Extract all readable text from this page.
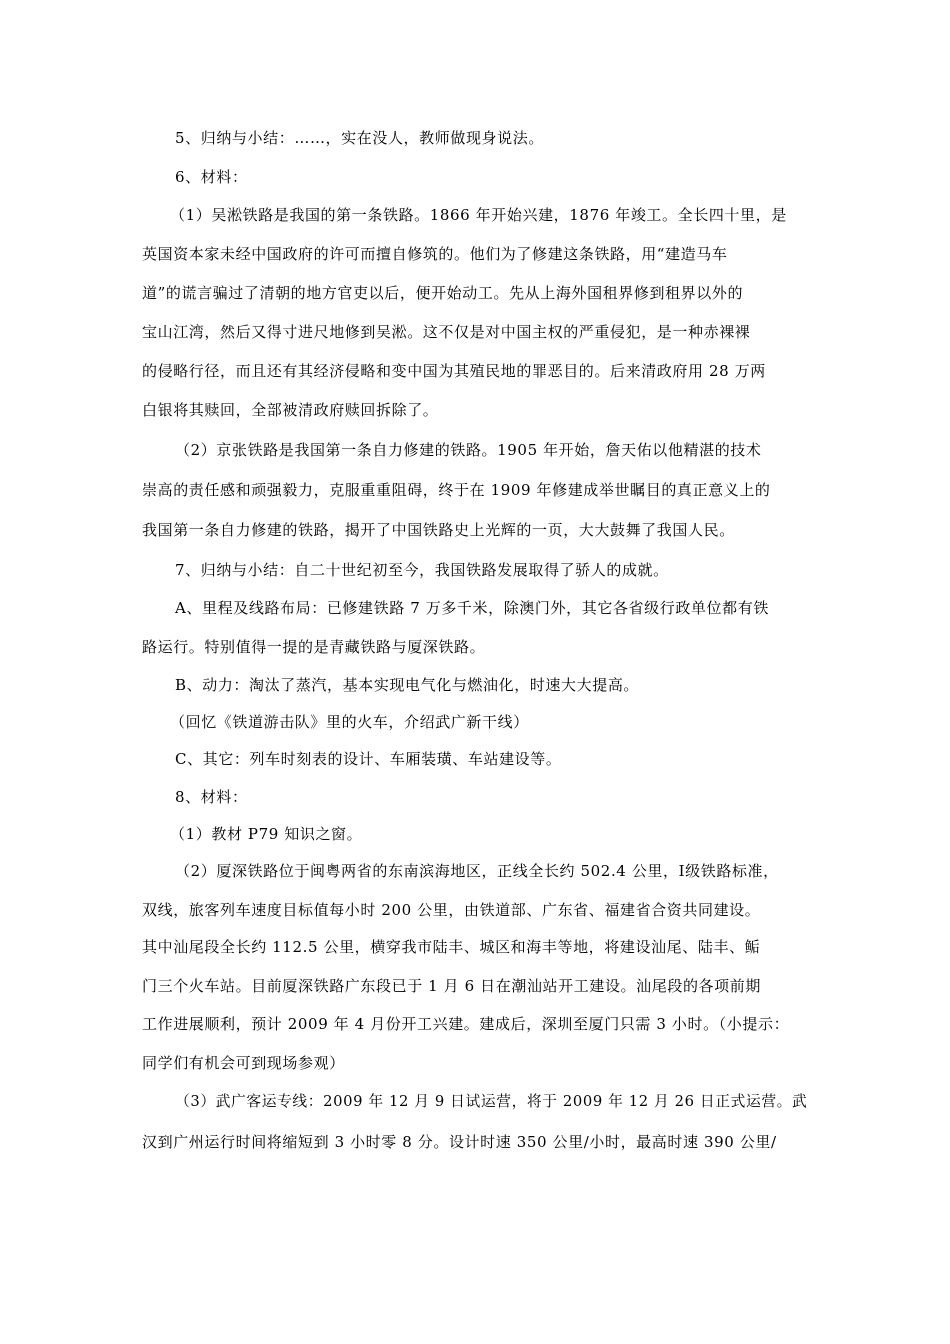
5、归纳与小结：……，实在没人，教师做现身说法。
6、材料：
（1）吴淞铁路是我国的第一条铁路。1866 年开始兴建，1876 年竣工。全长四十里，是
英国资本家未经中国政府的许可而擅自修筑的。他们为了修建这条铁路，用“建造马车
道”的谎言骗过了清朝的地方官吏以后，便开始动工。先从上海外国租界修到租界以外的
宝山江湾，然后又得寸进尺地修到吴淞。这不仅是对中国主权的严重侵犯，是一种赤裸裸
的侵略行径，而且还有其经济侵略和变中国为其殖民地的罪恶目的。后来清政府用 28 万两
白银将其赎回，全部被清政府赎回拆除了。
（2）京张铁路是我国第一条自力修建的铁路。1905 年开始，詹天佑以他精湛的技术
崇高的责任感和顽强毅力，克服重重阻碍，终于在 1909 年修建成举世瞩目的真正意义上的
我国第一条自力修建的铁路，揭开了中国铁路史上光辉的一页，大大鼓舞了我国人民。
7、归纳与小结：自二十世纪初至今，我国铁路发展取得了骄人的成就。
A、里程及线路布局：已修建铁路 7 万多千米，除澳门外，其它各省级行政单位都有铁
路运行。特别值得一提的是青藏铁路与厦深铁路。
B、动力：淘汰了蒸汽，基本实现电气化与燃油化，时速大大提高。
（回忆《铁道游击队》里的火车，介绍武广新干线）
C、其它：列车时刻表的设计、车厢装璜、车站建设等。
8、材料：
（1）教材 P79 知识之窗。
（2）厦深铁路位于闽粤两省的东南滨海地区，正线全长约 502.4 公里，Ⅰ级铁路标准，
双线，旅客列车速度目标值每小时 200 公里，由铁道部、广东省、福建省合资共同建设。
其中汕尾段全长约 112.5 公里，横穿我市陆丰、城区和海丰等地，将建设汕尾、陆丰、鲘
门三个火车站。目前厦深铁路广东段已于 1 月 6 日在潮汕站开工建设。汕尾段的各项前期
工作进展顺利，预计 2009 年 4 月份开工兴建。建成后，深圳至厦门只需 3 小时。（小提示：
同学们有机会可到现场参观）
（3）武广客运专线：2009 年 12 月 9 日试运营，将于 2009 年 12 月 26 日正式运营。武
汉到广州运行时间将缩短到 3 小时零 8 分。设计时速 350 公里/小时，最高时速 390 公里/
